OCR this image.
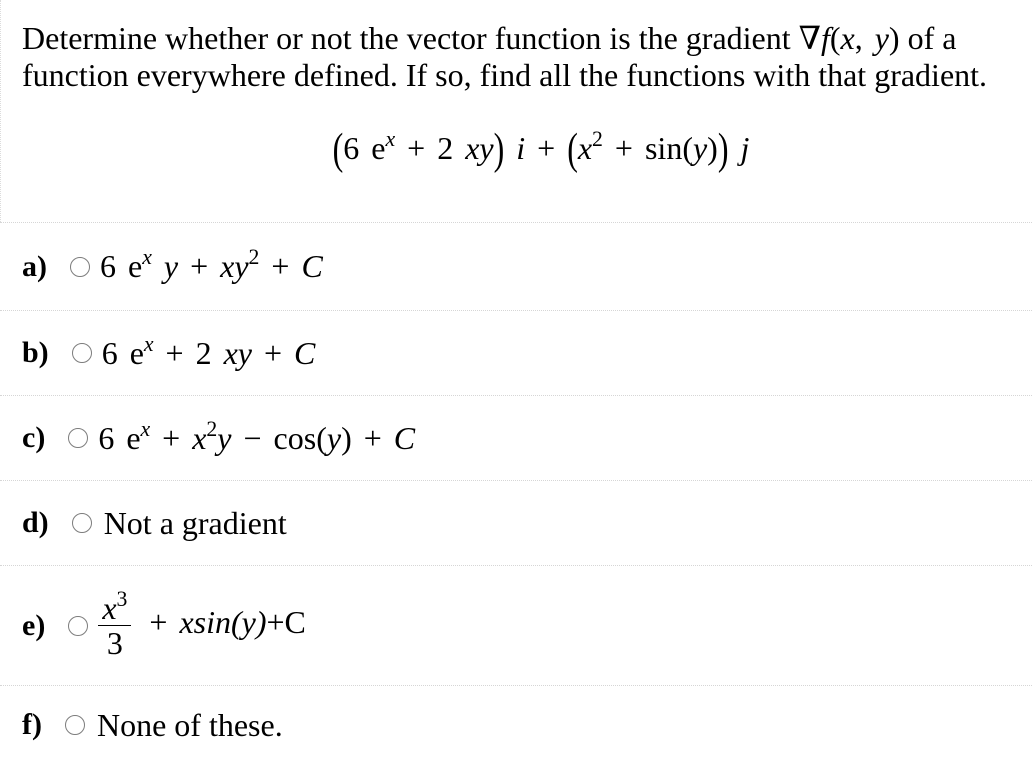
Determine whether or not the vector function is the gradient ∇f(x, y) of a
function everywhere defined. If so, find all the functions with that gradient.
(6 $e^x + 2$ xy) $i + (x^2 + \sin(y))$ j
a) 6 $e^x$ $y + xy^2 + C$
b) 6 $e^x + 2$ xy + C
c) 6 $e^x + x^2y - \cos(y) + C$
d) Not a gradient
$e) \frac{x^3}{3} + xsin(y)+C$
f) None of these.
